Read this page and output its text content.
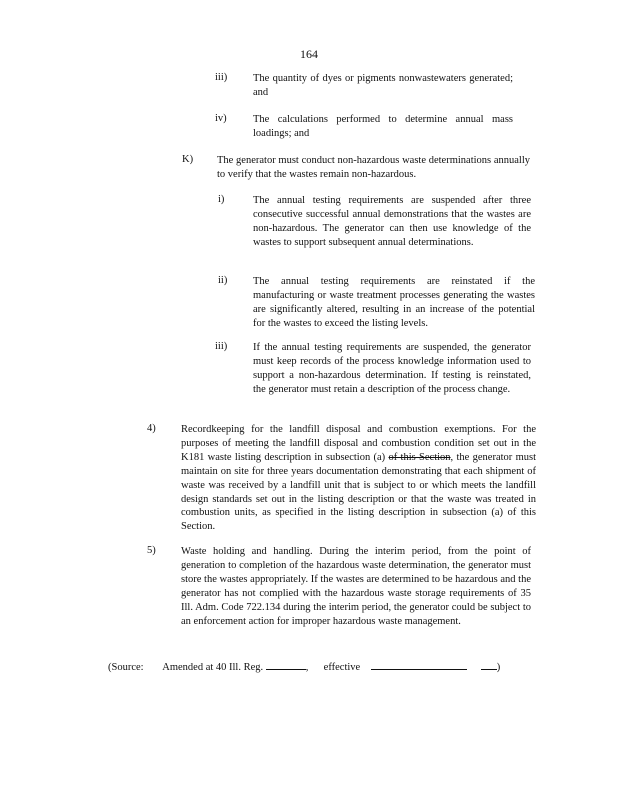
164
iii) The quantity of dyes or pigments nonwastewaters generated; and
iv)	The calculations performed to determine annual mass loadings; and
K) The generator must conduct non-hazardous waste determinations annually to verify that the wastes remain non-hazardous.
i)	The annual testing requirements are suspended after three consecutive successful annual demonstrations that the wastes are non-hazardous. The generator can then use knowledge of the wastes to support subsequent annual determinations.
ii) The annual testing requirements are reinstated if the manufacturing or waste treatment processes generating the wastes are significantly altered, resulting in an increase of the potential for the wastes to exceed the listing levels.
iii) If the annual testing requirements are suspended, the generator must keep records of the process knowledge information used to support a non-hazardous determination. If testing is reinstated, the generator must retain a description of the process change.
4) Recordkeeping for the landfill disposal and combustion exemptions. For the purposes of meeting the landfill disposal and combustion condition set out in the K181 waste listing description in subsection (a) of this Section, the generator must maintain on site for three years documentation demonstrating that each shipment of waste was received by a landfill unit that is subject to or which meets the landfill design standards set out in the listing description or that the waste was treated in combustion units, as specified in the listing description in subsection (a) of this Section.
5) Waste holding and handling. During the interim period, from the point of generation to completion of the hazardous waste determination, the generator must store the wastes appropriately. If the wastes are determined to be hazardous and the generator has not complied with the hazardous waste storage requirements of 35 Ill. Adm. Code 722.134 during the interim period, the generator could be subject to an enforcement action for improper hazardous waste management.
(Source: Amended at 40 Ill. Reg.	, effective	)
